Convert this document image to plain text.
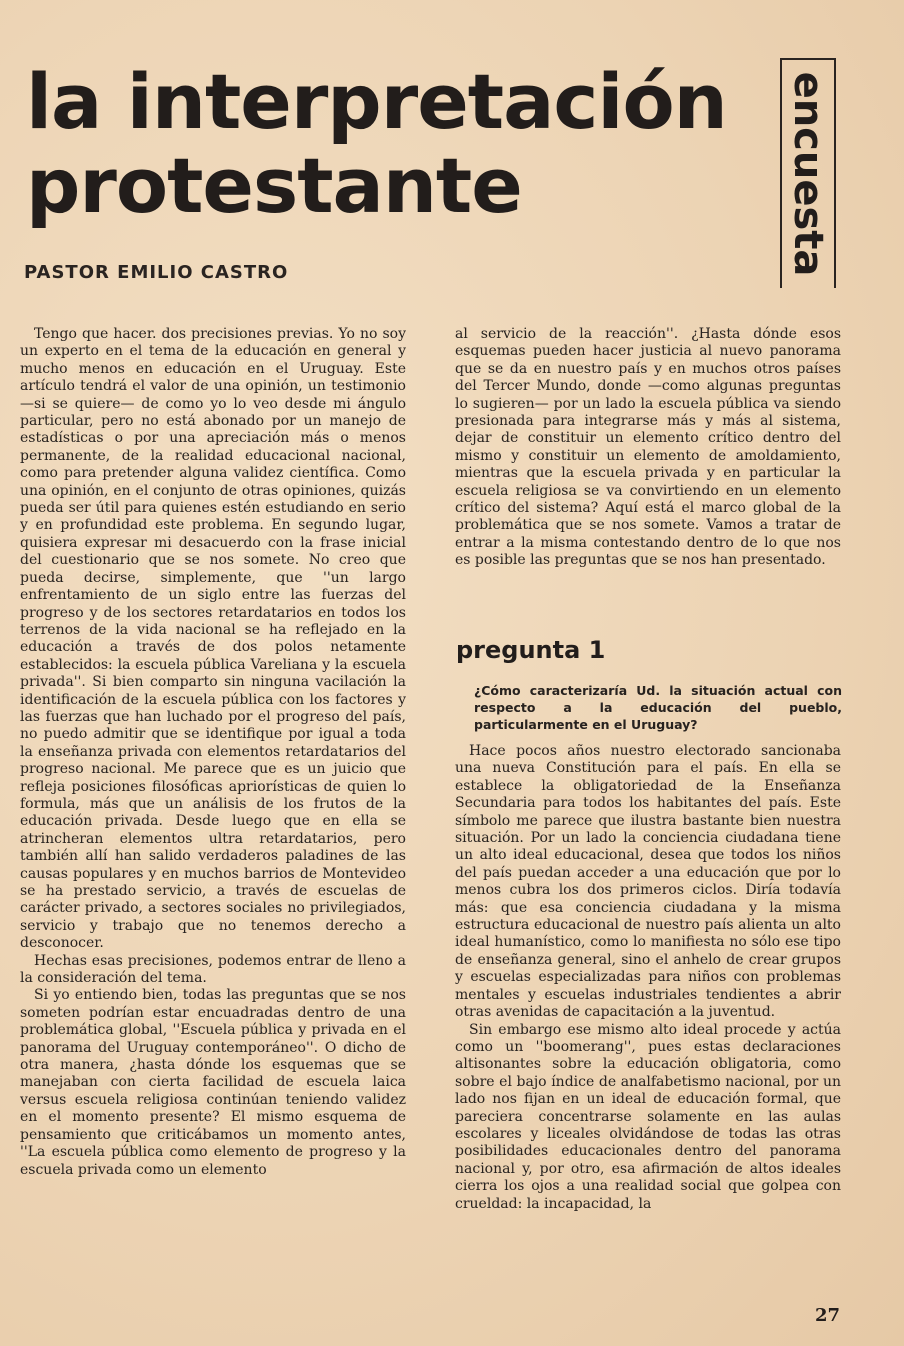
la interpretación
protestante
PASTOR EMILIO CASTRO	encuesta

Tengo que hacer. dos precisiones previas. Yo no soy un experto en el tema de la educación en general y mucho menos en educación en el Uruguay. Este artículo tendrá el valor de una opinión, un testimonio —si se quiere— de como yo lo veo desde mi ángulo particular, pero no está abonado por un manejo de estadísticas o por una apreciación más o menos permanente, de la realidad educacional nacional, como para pretender alguna validez científica. Como una opinión, en el conjunto de otras opiniones, quizás pueda ser útil para quienes estén estudiando en serio y en profundidad este problema. En segundo lugar, quisiera expresar mi desacuerdo con la frase inicial del cuestionario que se nos somete. No creo que pueda decirse, simplemente, que ''un largo enfrentamiento de un siglo entre las fuerzas del progreso y de los sectores retardatarios en todos los terrenos de la vida nacional se ha reflejado en la educación a través de dos polos netamente establecidos: la escuela pública Vareliana y la escuela privada''. Si bien comparto sin ninguna vacilación la identificación de la escuela pública con los factores y las fuerzas que han luchado por el progreso del país, no puedo admitir que se identifique por igual a toda la enseñanza privada con elementos retardatarios del progreso nacional. Me parece que es un juicio que refleja posiciones filosóficas apriorísticas de quien lo formula, más que un análisis de los frutos de la educación privada. Desde luego que en ella se atrincheran elementos ultra retardatarios, pero también allí han salido verdaderos paladines de las causas populares y en muchos barrios de Montevideo se ha prestado servicio, a través de escuelas de carácter privado, a sectores sociales no privilegiados, servicio y trabajo que no tenemos derecho a desconocer.

Hechas esas precisiones, podemos entrar de lleno a la consideración del tema.

Si yo entiendo bien, todas las preguntas que se nos someten podrían estar encuadradas dentro de una problemática global, ''Escuela pública y privada en el panorama del Uruguay contemporáneo''. O dicho de otra manera, ¿hasta dónde los esquemas que se manejaban con cierta facilidad de escuela laica versus escuela religiosa continúan teniendo validez en el momento presente? El mismo esquema de pensamiento que criticábamos un momento antes, ''La escuela pública como elemento de progreso y la escuela privada como un elemento

al servicio de la reacción''. ¿Hasta dónde esos esquemas pueden hacer justicia al nuevo panorama que se da en nuestro país y en muchos otros países del Tercer Mundo, donde —como algunas preguntas lo sugieren— por un lado la escuela pública va siendo presionada para integrarse más y más al sistema, dejar de constituir un elemento crítico dentro del mismo y constituir un elemento de amoldamiento, mientras que la escuela privada y en particular la escuela religiosa se va convirtiendo en un elemento crítico del sistema? Aquí está el marco global de la problemática que se nos somete. Vamos a tratar de entrar a la misma contestando dentro de lo que nos es posible las preguntas que se nos han presentado.

pregunta 1
¿Cómo caracterizaría Ud. la situación actual con respecto a la educación del pueblo, particularmente en el Uruguay?

Hace pocos años nuestro electorado sancionaba una nueva Constitución para el país. En ella se establece la obligatoriedad de la Enseñanza Secundaria para todos los habitantes del país. Este símbolo me parece que ilustra bastante bien nuestra situación. Por un lado la conciencia ciudadana tiene un alto ideal educacional, desea que todos los niños del país puedan acceder a una educación que por lo menos cubra los dos primeros ciclos. Diría todavía más: que esa conciencia ciudadana y la misma estructura educacional de nuestro país alienta un alto ideal humanístico, como lo manifiesta no sólo ese tipo de enseñanza general, sino el anhelo de crear grupos y escuelas especializadas para niños con problemas mentales y escuelas industriales tendientes a abrir otras avenidas de capacitación a la juventud.

Sin embargo ese mismo alto ideal procede y actúa como un ''boomerang'', pues estas declaraciones altisonantes sobre la educación obligatoria, como sobre el bajo índice de analfabetismo nacional, por un lado nos fijan en un ideal de educación formal, que pareciera concentrarse solamente en las aulas escolares y liceales olvidándose de todas las otras posibilidades educacionales dentro del panorama nacional y, por otro, esa afirmación de altos ideales cierra los ojos a una realidad social que golpea con crueldad: la incapacidad, la

27
